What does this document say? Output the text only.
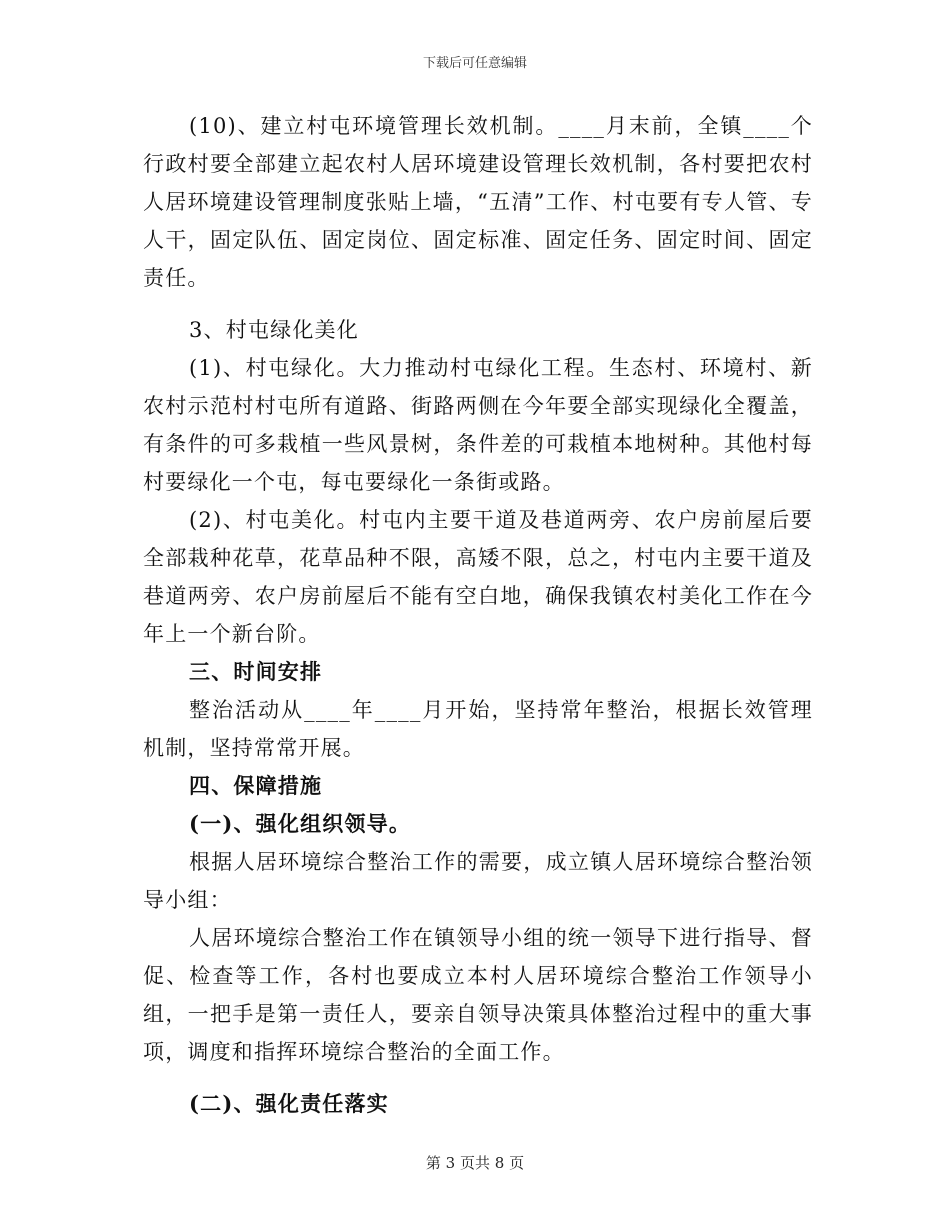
下载后可任意编辑

(10)、建立村屯环境管理长效机制。____月末前，全镇____个行政村要全部建立起农村人居环境建设管理长效机制，各村要把农村人居环境建设管理制度张贴上墙，“五清”工作、村屯要有专人管、专人干，固定队伍、固定岗位、固定标准、固定任务、固定时间、固定责任。

3、村屯绿化美化

(1)、村屯绿化。大力推动村屯绿化工程。生态村、环境村、新农村示范村村屯所有道路、街路两侧在今年要全部实现绿化全覆盖，有条件的可多栽植一些风景树，条件差的可栽植本地树种。其他村每村要绿化一个屯，每屯要绿化一条街或路。

(2)、村屯美化。村屯内主要干道及巷道两旁、农户房前屋后要全部栽种花草，花草品种不限，高矮不限，总之，村屯内主要干道及巷道两旁、农户房前屋后不能有空白地，确保我镇农村美化工作在今年上一个新台阶。

三、时间安排

整治活动从____年____月开始，坚持常年整治，根据长效管理机制，坚持常常开展。

四、保障措施

(一)、强化组织领导。

根据人居环境综合整治工作的需要，成立镇人居环境综合整治领导小组：

人居环境综合整治工作在镇领导小组的统一领导下进行指导、督促、检查等工作，各村也要成立本村人居环境综合整治工作领导小组，一把手是第一责任人，要亲自领导决策具体整治过程中的重大事项，调度和指挥环境综合整治的全面工作。

(二)、强化责任落实

第 3 页共 8 页
